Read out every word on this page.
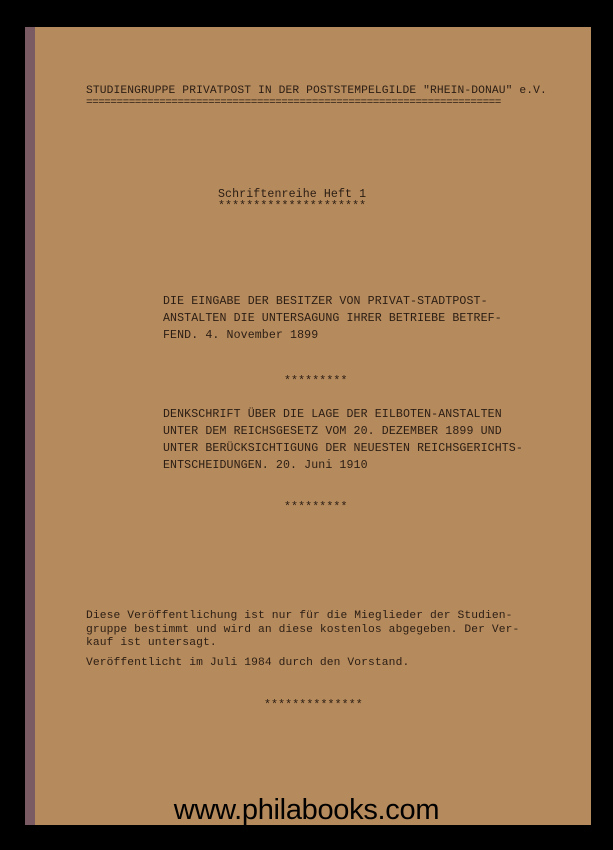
STUDIENGRUPPE PRIVATPOST IN DER POSTSTEMPELGILDE "RHEIN-DONAU" e.V.
====================================================================
Schriftenreihe Heft 1
*********************
DIE EINGABE DER BESITZER VON PRIVAT-STADTPOST-
ANSTALTEN DIE UNTERSAGUNG IHRER BETRIEBE BETREF-
FEND. 4. November 1899
*********
DENKSCHRIFT ÜBER DIE LAGE DER EILBOTEN-ANSTALTEN
UNTER DEM REICHSGESETZ VOM 20. DEZEMBER 1899 UND
UNTER BERÜCKSICHTIGUNG DER NEUESTEN REICHSGERICHTS-
ENTSCHEIDUNGEN. 20. Juni 1910
*********
Diese Veröffentlichung ist nur für die Mieglieder der Studien-
gruppe bestimmt und wird an diese kostenlos abgegeben. Der Ver-
kauf ist untersagt.
Veröffentlicht im Juli 1984 durch den Vorstand.
**************
www.philabooks.com
